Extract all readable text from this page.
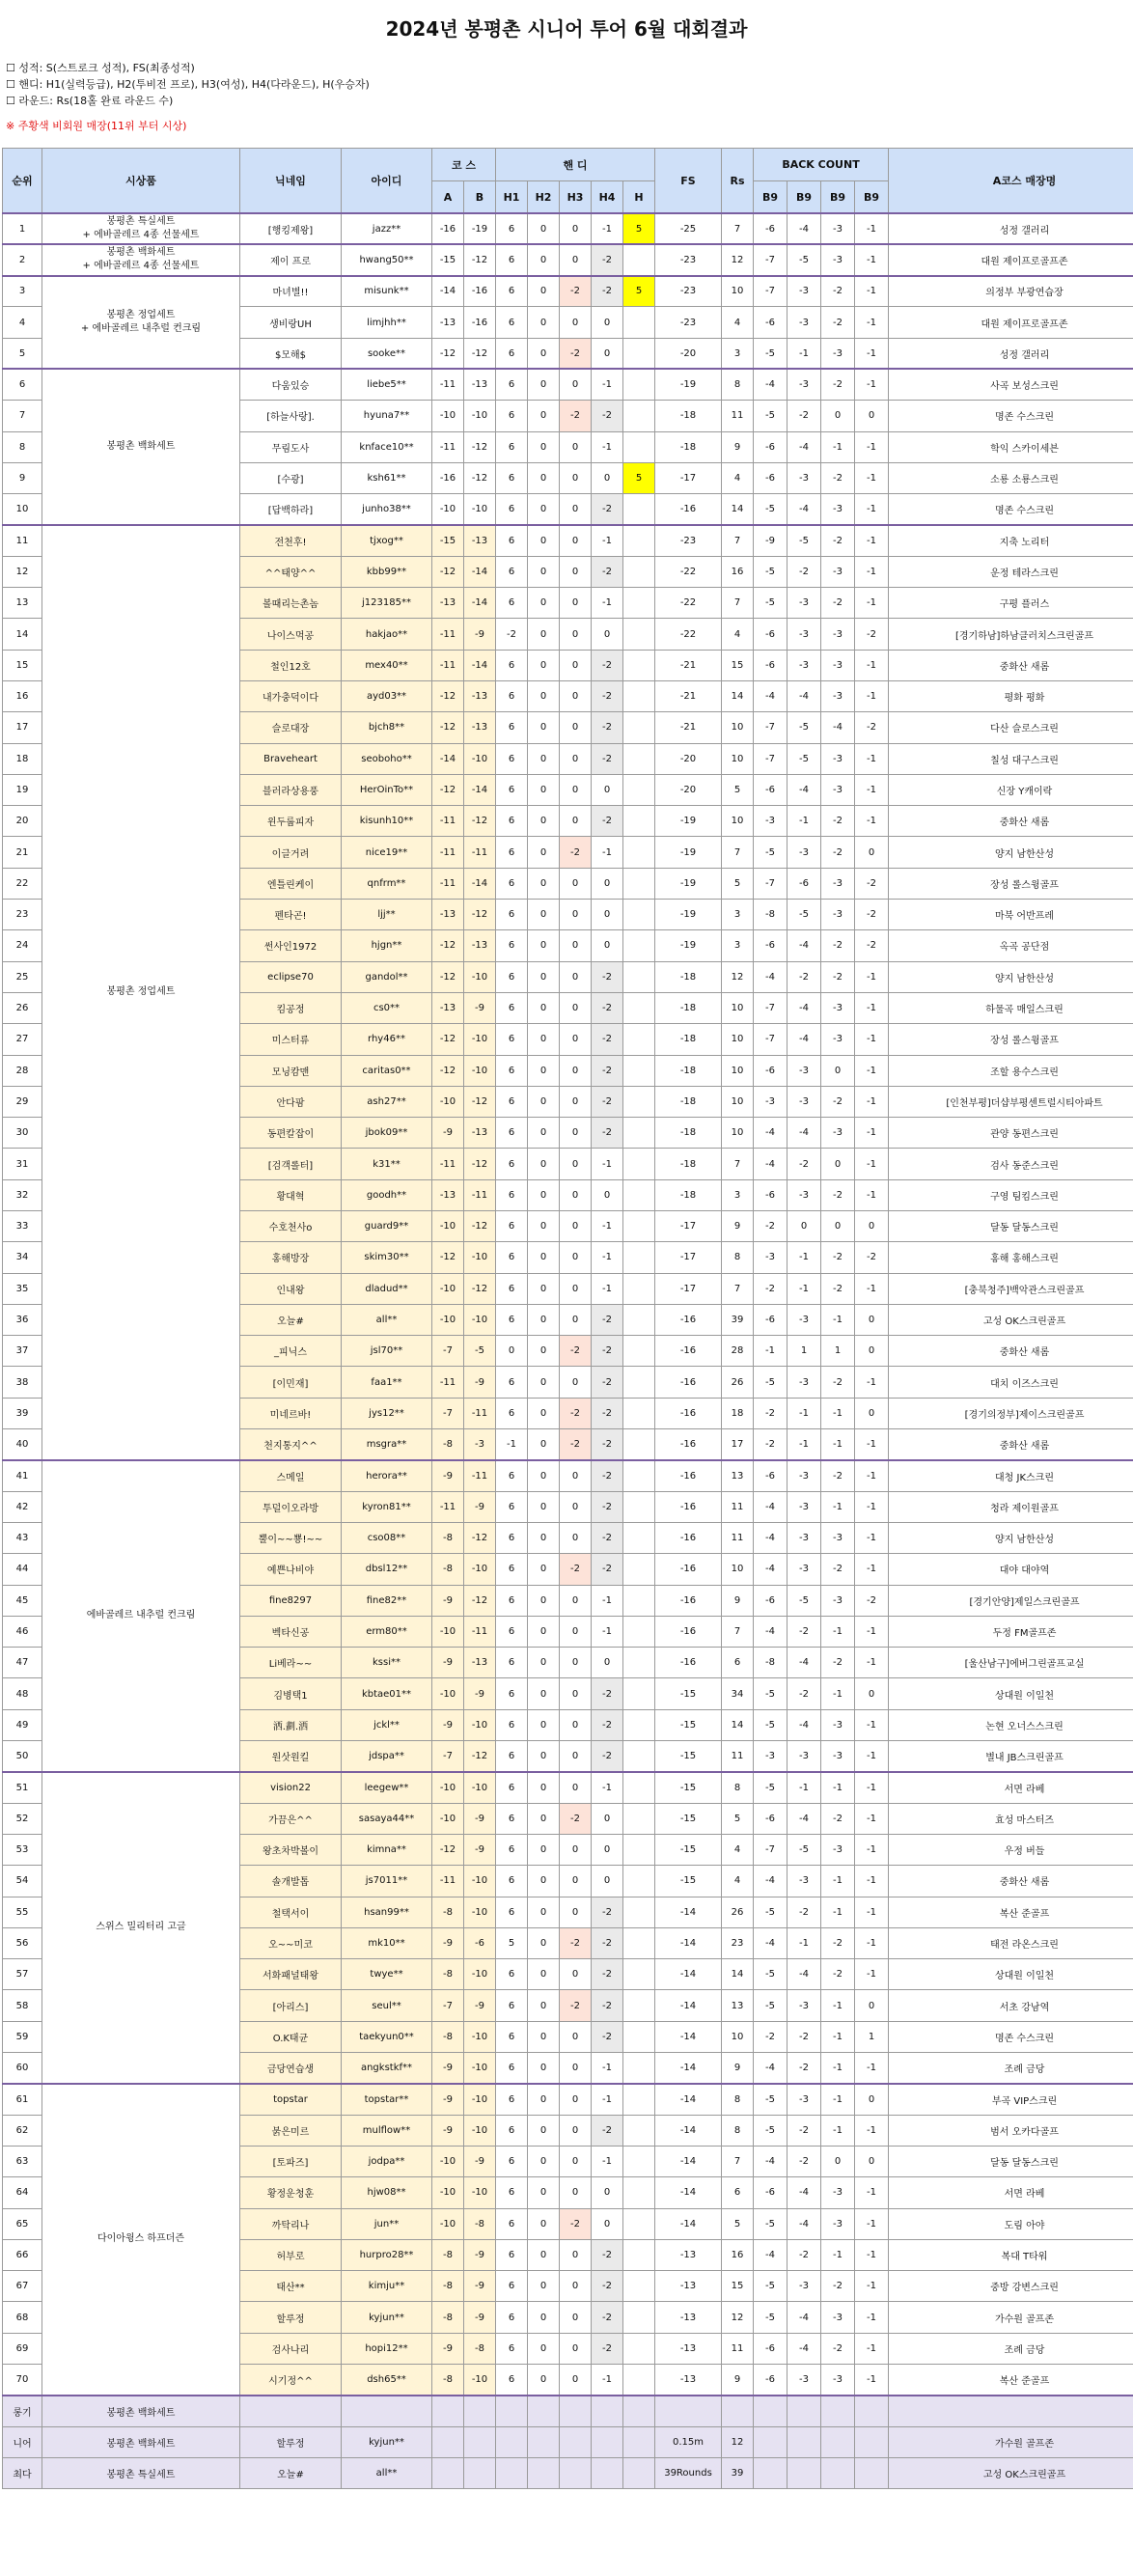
2024년 봉평촌 시니어 투어 6월 대회결과
☐ 성적: S(스트로크 성적), FS(최종성적)
☐ 핸디: H1(실력등급), H2(투비전 프로), H3(여성), H4(다라운드), H(우승자)
☐ 라운드: Rs(18홀 완료 라운드 수)
※ 주황색 비회원 매장(11위 부터 시상)
순위	시상품	닉네임	아이디	코 스		핸 디					FS	Rs	BACK COUNT				A코스 매장명
				A	B	H1	H2	H3	H4	H			B9	B9	B9	B9	
1	봉평촌 특실세트
+ 에바골레르 4종 선물세트	[행킹제왕]	jazz**	-16	-19	6	0	0	-1	5	-25	7	-6	-4	-3	-1	성정 갤러리
2	봉평촌 백화세트
+ 에바골레르 4종 선물세트	제이 프로	hwang50**	-15	-12	6	0	0	-2		-23	12	-7	-5	-3	-1	대원 제이프로골프존
3	봉평촌 정업세트
+ 에바골레르 내추럴 컨크림	마녀별!!	misunk**	-14	-16	6	0	-2	-2	5	-23	10	-7	-3	-2	-1	의정부 부광연습장
4		생비랑UH	limjhh**	-13	-16	6	0	0	0		-23	4	-6	-3	-2	-1	대원 제이프로골프존
5		$모해$	sooke**	-12	-12	6	0	-2	0		-20	3	-5	-1	-3	-1	성정 갤러리
6	봉평촌 백화세트	다움있승	liebe5**	-11	-13	6	0	0	-1		-19	8	-4	-3	-2	-1	사곡 보성스크린
7		[하늘사랑].	hyuna7**	-10	-10	6	0	-2	-2		-18	11	-5	-2	0	0	명존 수스크린
8		무림도사	knface10**	-11	-12	6	0	0	-1		-18	9	-6	-4	-1	-1	학익 스카이세븐
9		[수광]	ksh61**	-16	-12	6	0	0	0	5	-17	4	-6	-3	-2	-1	소룡 소룡스크린
10		[답백하라]	junho38**	-10	-10	6	0	0	-2		-16	14	-5	-4	-3	-1	명존 수스크린
11	봉평촌 정업세트	전천후!	tjxog**	-15	-13	6	0	0	-1		-23	7	-9	-5	-2	-1	지축 노리터
12		^^태양^^	kbb99**	-12	-14	6	0	0	-2		-22	16	-5	-2	-3	-1	운정 테라스크린
13		볼때리는촌놈	j123185**	-13	-14	6	0	0	-1		-22	7	-5	-3	-2	-1	구평 플러스
14		나이스먹공	hakjao**	-11	-9	-2	0	0	0		-22	4	-6	-3	-3	-2	[경기하남]하남클러치스크린골프
15		철인12호	mex40**	-11	-14	6	0	0	-2		-21	15	-6	-3	-3	-1	중화산 새롬
16		내가충덕이다	ayd03**	-12	-13	6	0	0	-2		-21	14	-4	-4	-3	-1	평화 평화
17		슬로대장	bjch8**	-12	-13	6	0	0	-2		-21	10	-7	-5	-4	-2	다산 슬로스크린
18		Braveheart	seoboho**	-14	-10	6	0	0	-2		-20	10	-7	-5	-3	-1	칠성 대구스크린
19		블러라상용풍	HerOinTo**	-12	-14	6	0	0	0		-20	5	-6	-4	-3	-1	신장 Y캐이락
20		윈두룹피자	kisunh10**	-11	-12	6	0	0	-2		-19	10	-3	-1	-2	-1	중화산 새롬
21		이글거려	nice19**	-11	-11	6	0	-2	-1		-19	7	-5	-3	-2	0	양지 남한산성
22		엔틀린케이	qnfrm**	-11	-14	6	0	0	0		-19	5	-7	-6	-3	-2	장성 롤스윙골프
23		펜타곤!	ljj**	-13	-12	6	0	0	0		-19	3	-8	-5	-3	-2	마북 어반프레
24		썬사인1972	hjgn**	-12	-13	6	0	0	0		-19	3	-6	-4	-2	-2	옥곡 공단점
25		eclipse70	gandol**	-12	-10	6	0	0	-2		-18	12	-4	-2	-2	-1	양지 남한산성
26		킴공정	cs0**	-13	-9	6	0	0	-2		-18	10	-7	-4	-3	-1	하물곡 매일스크린
27		미스터류	rhy46**	-12	-10	6	0	0	-2		-18	10	-7	-4	-3	-1	장성 롤스윙골프
28		모닝캄맨	caritas0**	-12	-10	6	0	0	-2		-18	10	-6	-3	0	-1	조할 용수스크린
29		안다팜	ash27**	-10	-12	6	0	0	-2		-18	10	-3	-3	-2	-1	[인천부평]더샵부평센트럴시티아파트
30		동편칼잡이	jbok09**	-9	-13	6	0	0	-2		-18	10	-4	-4	-3	-1	관양 동편스크린
31		[검객롤터]	k31**	-11	-12	6	0	0	-1		-18	7	-4	-2	0	-1	검사 동준스크린
32		황대혁	goodh**	-13	-11	6	0	0	0		-18	3	-6	-3	-2	-1	구영 팀킴스크린
33		수호천사o	guard9**	-10	-12	6	0	0	-1		-17	9	-2	0	0	0	달동 달동스크린
34		홍해방장	skim30**	-12	-10	6	0	0	-1		-17	8	-3	-1	-2	-2	홍해 홍해스크린
35		인내왕	dladud**	-10	-12	6	0	0	-1		-17	7	-2	-1	-2	-1	[충북청주]백악관스크린골프
36		오늘#	all**	-10	-10	6	0	0	-2		-16	39	-6	-3	-1	0	고성 OK스크린골프
37		_피닉스	jsl70**	-7	-5	0	0	-2	-2		-16	28	-1	1	1	0	중화산 새롬
38		[이민재]	faa1**	-11	-9	6	0	0	-2		-16	26	-5	-3	-2	-1	대치 이즈스크린
39		미네르바!	jys12**	-7	-11	6	0	-2	-2		-16	18	-2	-1	-1	0	[경기의정부]제이스크린골프
40		천지통지^^	msgra**	-8	-3	-1	0	-2	-2		-16	17	-2	-1	-1	-1	중화산 새롬
41	에바골레르 내추럴 컨크림	스메일	herora**	-9	-11	6	0	0	-2		-16	13	-6	-3	-2	-1	대청 JK스크린
42		투덜이오라방	kyron81**	-11	-9	6	0	0	-2		-16	11	-4	-3	-1	-1	청라 제이원골프
43		뿔이~~뿅!~~	cso08**	-8	-12	6	0	0	-2		-16	11	-4	-3	-3	-1	양지 남한산성
44		예쁜나비야	dbsl12**	-8	-10	6	0	-2	-2		-16	10	-4	-3	-2	-1	대야 대야역
45		fine8297	fine82**	-9	-12	6	0	0	-1		-16	9	-6	-5	-3	-2	[경기안양]제일스크린골프
46		벡타신공	erm80**	-10	-11	6	0	0	-1		-16	7	-4	-2	-1	-1	두정 FM골프존
47		Li베라~~	kssi**	-9	-13	6	0	0	0		-16	6	-8	-4	-2	-1	[울산남구]에버그린골프교실
48		김병택1	kbtae01**	-10	-9	6	0	0	-2		-15	34	-5	-2	-1	0	상대원 이일천
49		洒.劃.洒	jckl**	-9	-10	6	0	0	-2		-15	14	-5	-4	-3	-1	논현 오너스스크린
50		원삿원킬	jdspa**	-7	-12	6	0	0	-2		-15	11	-3	-3	-3	-1	별내 JB스크린골프
51	스위스 밀리터리 고글	vision22	leegew**	-10	-10	6	0	0	-1		-15	8	-5	-1	-1	-1	서면 라베
52		가끔은^^	sasaya44**	-10	-9	6	0	-2	0		-15	5	-6	-4	-2	-1	효성 마스터즈
53		왕초차박볼이	kimna**	-12	-9	6	0	0	0		-15	4	-7	-5	-3	-1	우정 버들
54		솔개발톱	js7011**	-11	-10	6	0	0	0		-15	4	-4	-3	-1	-1	중화산 새롬
55		철택서이	hsan99**	-8	-10	6	0	0	-2		-14	26	-5	-2	-1	-1	복산 준골프
56		오~~미코	mk10**	-9	-6	5	0	-2	-2		-14	23	-4	-1	-2	-1	태전 라온스크린
57		서화패널태왕	twye**	-8	-10	6	0	0	-2		-14	14	-5	-4	-2	-1	상대원 이일천
58		[아리스]	seul**	-7	-9	6	0	-2	-2		-14	13	-5	-3	-1	0	서초 강남역
59		O.K태균	taekyun0**	-8	-10	6	0	0	-2		-14	10	-2	-2	-1	1	명존 수스크린
60		금당연습생	angkstkf**	-9	-10	6	0	0	-1		-14	9	-4	-2	-1	-1	조례 금당
61	다이아윙스 하프더즌	topstar	topstar**	-9	-10	6	0	0	-1		-14	8	-5	-3	-1	0	부곡 VIP스크린
62		붉은미르	mulflow**	-9	-10	6	0	0	-2		-14	8	-5	-2	-1	-1	범서 오카다골프
63		[토파즈]	jodpa**	-10	-9	6	0	0	-1		-14	7	-4	-2	0	0	달동 달동스크린
64		황정운청훈	hjw08**	-10	-10	6	0	0	0		-14	6	-6	-4	-3	-1	서면 라베
65		까탁리나	jun**	-10	-8	6	0	-2	0		-14	5	-5	-4	-3	-1	도림 아야
66		허부로	hurpro28**	-8	-9	6	0	0	-2		-13	16	-4	-2	-1	-1	복대 T타워
67		태산**	kimju**	-8	-9	6	0	0	-2		-13	15	-5	-3	-2	-1	중방 강변스크린
68		할루정	kyjun**	-8	-9	6	0	0	-2		-13	12	-5	-4	-3	-1	가수원 골프존
69		검사나리	hopi12**	-9	-8	6	0	0	-2		-13	11	-6	-4	-2	-1	조례 금당
70		시기정^^	dsh65**	-8	-10	6	0	0	-1		-13	9	-6	-3	-3	-1	복산 준골프
롱기	봉평촌 백화세트																
니어	봉평촌 백화세트	할루정	kyjun**								0.15m	12					가수원 골프존
최다	봉평촌 특실세트	오늘#	all**								39Rounds	39					고성 OK스크린골프
